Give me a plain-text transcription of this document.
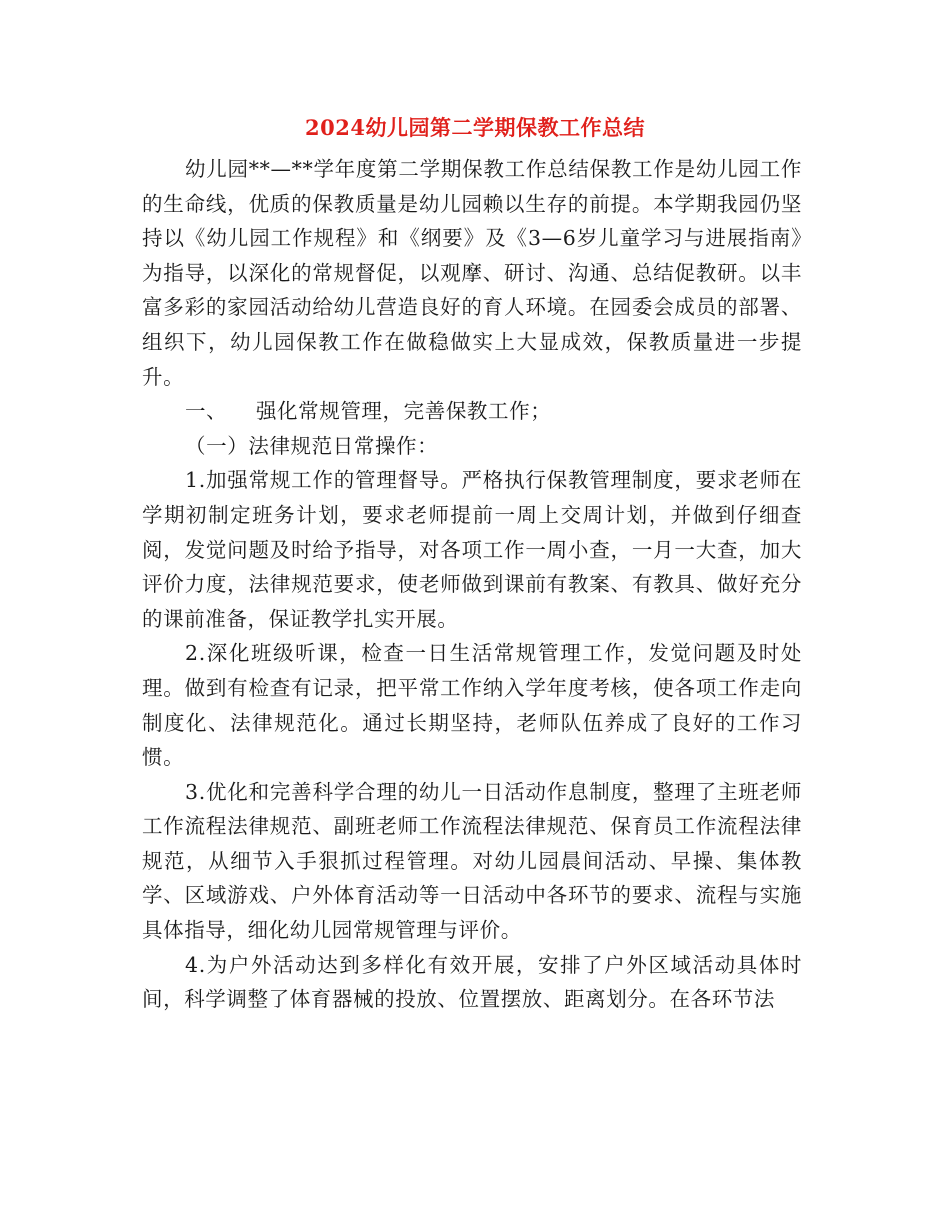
2024幼儿园第二学期保教工作总结

幼儿园**—**学年度第二学期保教工作总结保教工作是幼儿园工作的生命线，优质的保教质量是幼儿园赖以生存的前提。本学期我园仍坚持以《幼儿园工作规程》和《纲要》及《3—6岁儿童学习与进展指南》为指导，以深化的常规督促，以观摩、研讨、沟通、总结促教研。以丰富多彩的家园活动给幼儿营造良好的育人环境。在园委会成员的部署、组织下，幼儿园保教工作在做稳做实上大显成效，保教质量进一步提升。

一、 强化常规管理，完善保教工作；

（一）法律规范日常操作：

1.加强常规工作的管理督导。严格执行保教管理制度，要求老师在学期初制定班务计划，要求老师提前一周上交周计划，并做到仔细查阅，发觉问题及时给予指导，对各项工作一周小查，一月一大查，加大评价力度，法律规范要求，使老师做到课前有教案、有教具、做好充分的课前准备，保证教学扎实开展。

2.深化班级听课，检查一日生活常规管理工作，发觉问题及时处理。做到有检查有记录，把平常工作纳入学年度考核，使各项工作走向制度化、法律规范化。通过长期坚持，老师队伍养成了良好的工作习惯。

3.优化和完善科学合理的幼儿一日活动作息制度，整理了主班老师工作流程法律规范、副班老师工作流程法律规范、保育员工作流程法律规范，从细节入手狠抓过程管理。对幼儿园晨间活动、早操、集体教学、区域游戏、户外体育活动等一日活动中各环节的要求、流程与实施具体指导，细化幼儿园常规管理与评价。

4.为户外活动达到多样化有效开展，安排了户外区域活动具体时间，科学调整了体育器械的投放、位置摆放、距离划分。在各环节法
